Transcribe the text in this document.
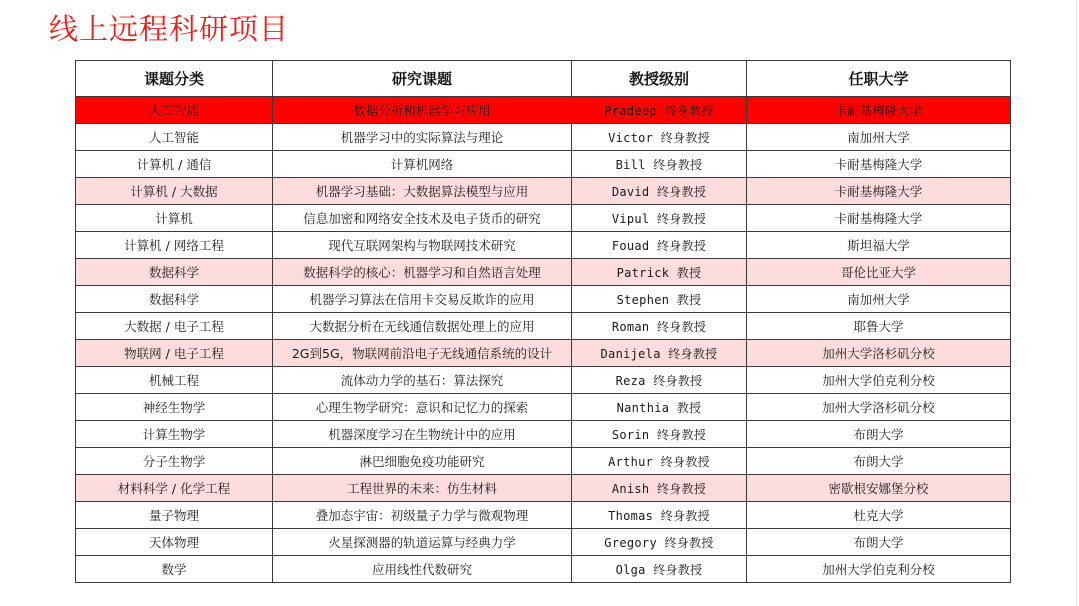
线上远程科研项目
课题分类	研究课题	教授级别	任职大学
人工智能	数据分析和机器学习应用	Pradeep 终身教授	卡耐基梅隆大学
人工智能	机器学习中的实际算法与理论	Victor 终身教授	南加州大学
计算机 / 通信	计算机网络	Bill 终身教授	卡耐基梅隆大学
计算机 / 大数据	机器学习基础：大数据算法模型与应用	David 终身教授	卡耐基梅隆大学
计算机	信息加密和网络安全技术及电子货币的研究	Vipul 终身教授	卡耐基梅隆大学
计算机 / 网络工程	现代互联网架构与物联网技术研究	Fouad 终身教授	斯坦福大学
数据科学	数据科学的核心：机器学习和自然语言处理	Patrick 教授	哥伦比亚大学
数据科学	机器学习算法在信用卡交易反欺诈的应用	Stephen 教授	南加州大学
大数据 / 电子工程	大数据分析在无线通信数据处理上的应用	Roman 终身教授	耶鲁大学
物联网 / 电子工程	2G到5G，物联网前沿电子无线通信系统的设计	Danijela 终身教授	加州大学洛杉矶分校
机械工程	流体动力学的基石：算法探究	Reza 终身教授	加州大学伯克利分校
神经生物学	心理生物学研究：意识和记忆力的探索	Nanthia 教授	加州大学洛杉矶分校
计算生物学	机器深度学习在生物统计中的应用	Sorin 终身教授	布朗大学
分子生物学	淋巴细胞免疫功能研究	Arthur 终身教授	布朗大学
材料科学 / 化学工程	工程世界的未来：仿生材料	Anish 终身教授	密歇根安娜堡分校
量子物理	叠加态宇宙：初级量子力学与微观物理	Thomas 终身教授	杜克大学
天体物理	火星探测器的轨道运算与经典力学	Gregory 终身教授	布朗大学
数学	应用线性代数研究	Olga 终身教授	加州大学伯克利分校
